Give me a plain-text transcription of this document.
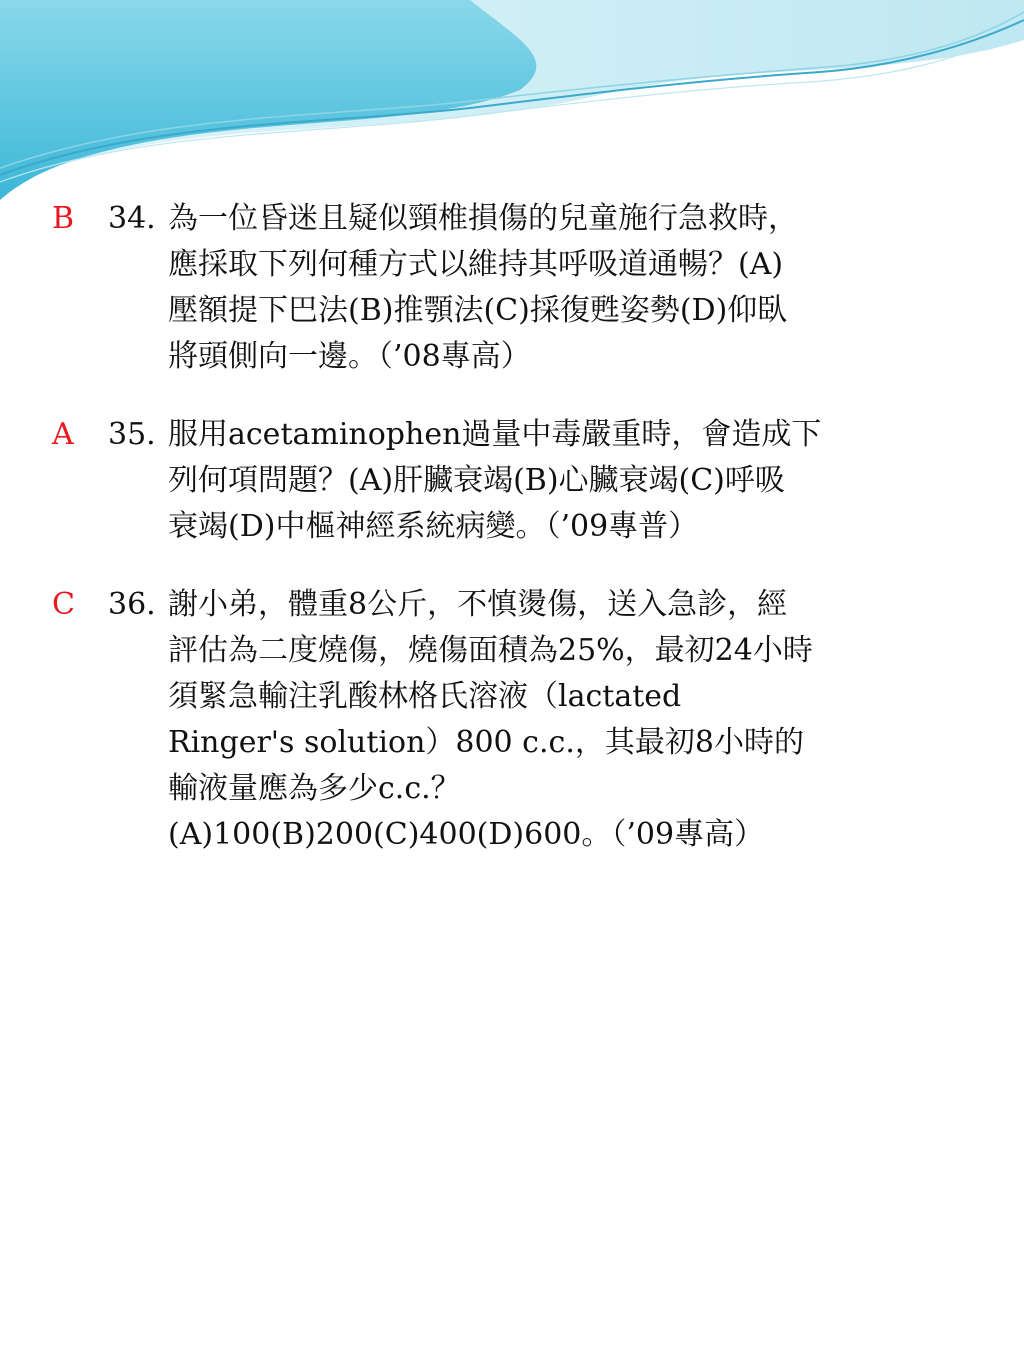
B 34. 為一位昏迷且疑似頸椎損傷的兒童施行急救時，
應採取下列何種方式以維持其呼吸道通暢？(A)
壓額提下巴法(B)推顎法(C)採復甦姿勢(D)仰臥
將頭側向一邊。（’08專高）
A 35. 服用acetaminophen過量中毒嚴重時，會造成下
列何項問題？(A)肝臟衰竭(B)心臟衰竭(C)呼吸
衰竭(D)中樞神經系統病變。（’09專普）
C 36. 謝小弟，體重8公斤，不慎燙傷，送入急診，經
評估為二度燒傷，燒傷面積為25%，最初24小時
須緊急輸注乳酸林格氏溶液（lactated
Ringer's solution）800 c.c.，其最初8小時的
輸液量應為多少c.c.？
(A)100(B)200(C)400(D)600。（’09專高）
